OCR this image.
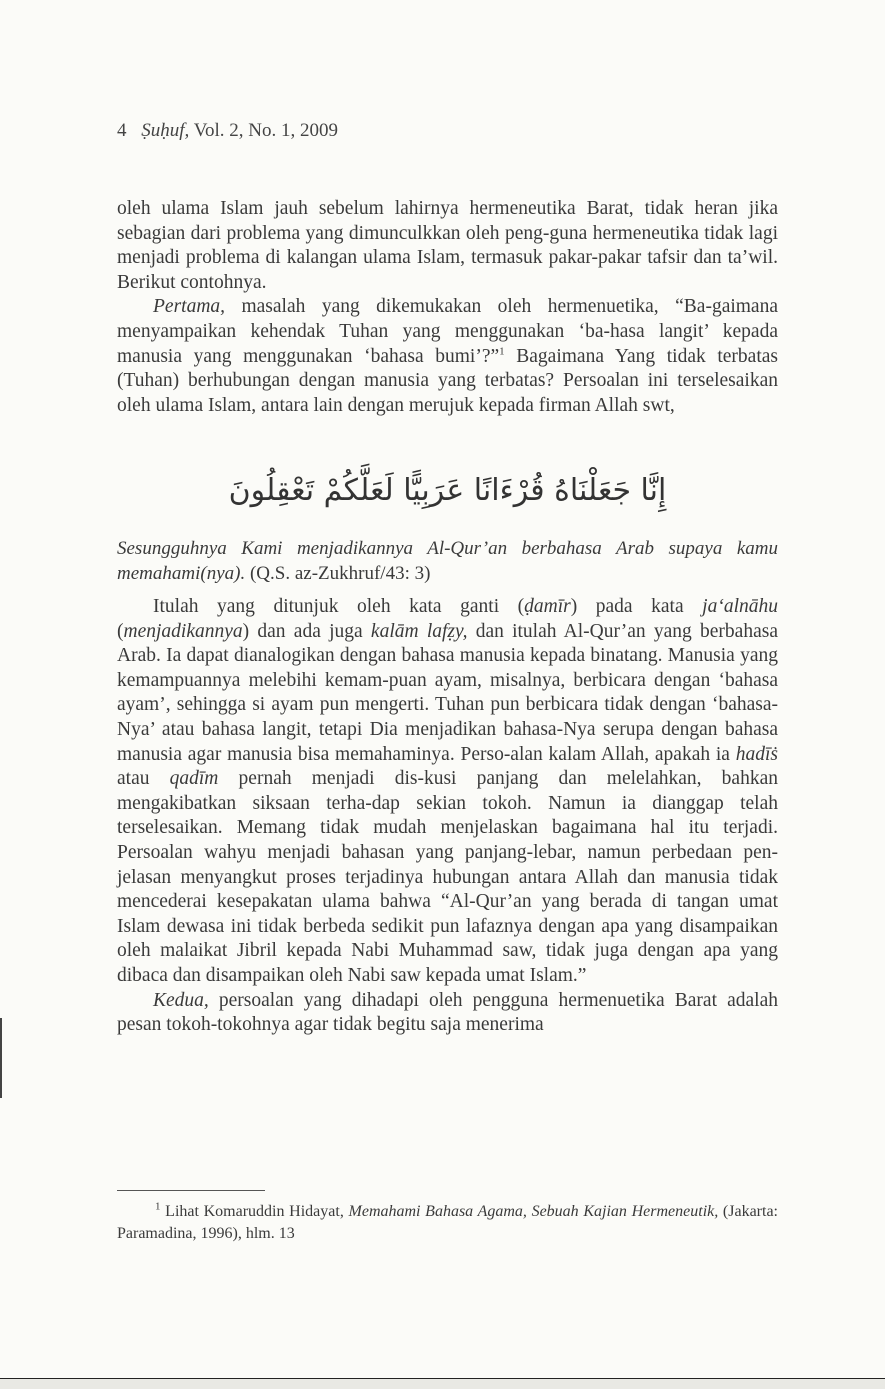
4 Ṣuḥuf, Vol. 2, No. 1, 2009

oleh ulama Islam jauh sebelum lahirnya hermeneutika Barat, tidak heran jika sebagian dari problema yang dimunculkkan oleh peng-guna hermeneutika tidak lagi menjadi problema di kalangan ulama Islam, termasuk pakar-pakar tafsir dan ta’wil. Berikut contohnya.

Pertama, masalah yang dikemukakan oleh hermenuetika, “Ba-gaimana menyampaikan kehendak Tuhan yang menggunakan ‘ba-hasa langit’ kepada manusia yang menggunakan ‘bahasa bumi’?”$^1$ Bagaimana Yang tidak terbatas (Tuhan) berhubungan dengan manusia yang terbatas? Persoalan ini terselesaikan oleh ulama Islam, antara lain dengan merujuk kepada firman Allah swt,

إِنَّا جَعَلْنَاهُ قُرْءَانًا عَرَبِيًّا لَعَلَّكُمْ تَعْقِلُونَ
Sesungguhnya Kami menjadikannya Al-Qur’an berbahasa Arab supaya kamu memahami(nya). (Q.S. az-Zukhruf/43: 3)

Itulah yang ditunjuk oleh kata ganti (ḍamīr) pada kata ja‘alnāhu (menjadikannya) dan ada juga kalām lafẓy, dan itulah Al-Qur’an yang berbahasa Arab. Ia dapat dianalogikan dengan bahasa manusia kepada binatang. Manusia yang kemampuannya melebihi kemam-puan ayam, misalnya, berbicara dengan ‘bahasa ayam’, sehingga si ayam pun mengerti. Tuhan pun berbicara tidak dengan ‘bahasa-Nya’ atau bahasa langit, tetapi Dia menjadikan bahasa-Nya serupa dengan bahasa manusia agar manusia bisa memahaminya. Perso-alan kalam Allah, apakah ia hadīṡ atau qadīm pernah menjadi dis-kusi panjang dan melelahkan, bahkan mengakibatkan siksaan terha-dap sekian tokoh. Namun ia dianggap telah terselesaikan. Memang tidak mudah menjelaskan bagaimana hal itu terjadi. Persoalan wahyu menjadi bahasan yang panjang-lebar, namun perbedaan pen-jelasan menyangkut proses terjadinya hubungan antara Allah dan manusia tidak mencederai kesepakatan ulama bahwa “Al-Qur’an yang berada di tangan umat Islam dewasa ini tidak berbeda sedikit pun lafaznya dengan apa yang disampaikan oleh malaikat Jibril kepada Nabi Muhammad saw, tidak juga dengan apa yang dibaca dan disampaikan oleh Nabi saw kepada umat Islam.”

Kedua, persoalan yang dihadapi oleh pengguna hermenuetika Barat adalah pesan tokoh-tokohnya agar tidak begitu saja menerima

$^1$ Lihat Komaruddin Hidayat, Memahami Bahasa Agama, Sebuah Kajian Hermeneutik, (Jakarta: Paramadina, 1996), hlm. 13
